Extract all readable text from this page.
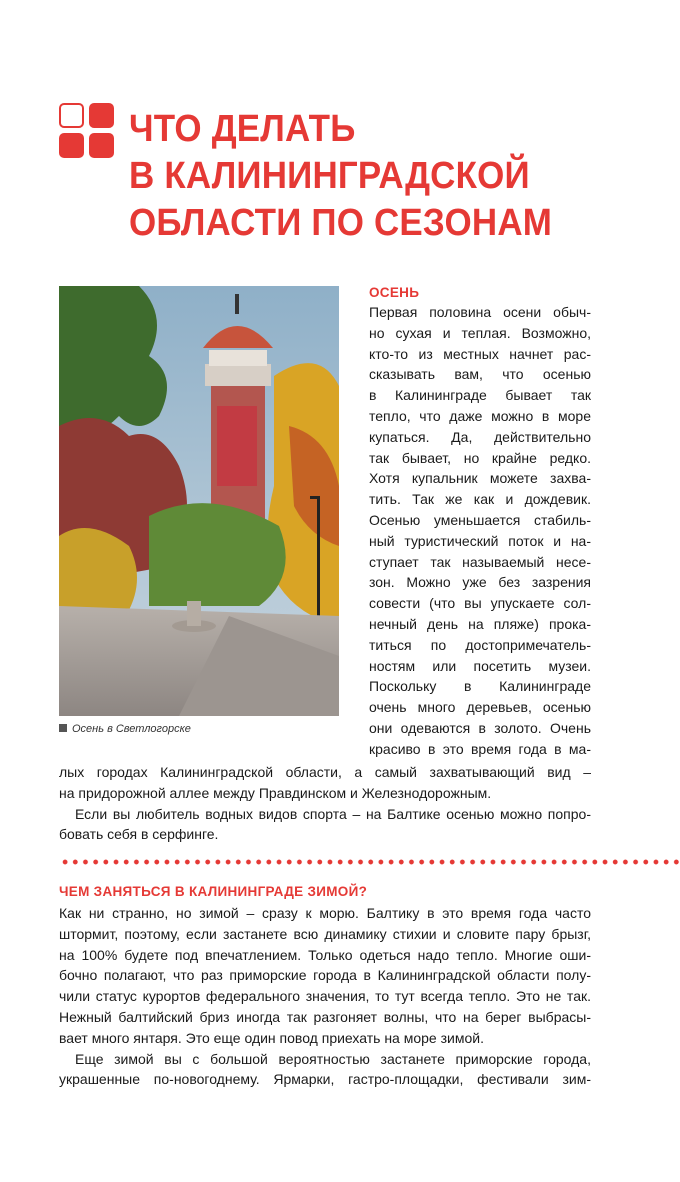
ЧТО ДЕЛАТЬ
В КАЛИНИНГРАДСКОЙ
ОБЛАСТИ ПО СЕЗОНАМ
Осень в Светлогорске
ОСЕНЬ
Первая половина осени обыч-
но сухая и теплая. Возможно,
кто-то из местных начнет рас-
сказывать вам, что осенью
в Калининграде бывает так
тепло, что даже можно в море
купаться. Да, действительно
так бывает, но крайне редко.
Хотя купальник можете захва-
тить. Так же как и дождевик.
Осенью уменьшается стабиль-
ный туристический поток и на-
ступает так называемый несе-
зон. Можно уже без зазрения
совести (что вы упускаете сол-
нечный день на пляже) прока-
титься по достопримечатель-
ностям или посетить музеи.
Поскольку в Калининграде
очень много деревьев, осенью
они одеваются в золото. Очень
красиво в это время года в ма-
лых городах Калининградской области, а самый захватывающий вид –
на придорожной аллее между Правдинском и Железнодорожным.
Если вы любитель водных видов спорта – на Балтике осенью можно попро-
бовать себя в серфинге.
ЧЕМ ЗАНЯТЬСЯ В КАЛИНИНГРАДЕ ЗИМОЙ?
Как ни странно, но зимой – сразу к морю. Балтику в это время года часто
штормит, поэтому, если застанете всю динамику стихии и словите пару брызг,
на 100% будете под впечатлением. Только одеться надо тепло. Многие оши-
бочно полагают, что раз приморские города в Калининградской области полу-
чили статус курортов федерального значения, то тут всегда тепло. Это не так.
Нежный балтийский бриз иногда так разгоняет волны, что на берег выбрасы-
вает много янтаря. Это еще один повод приехать на море зимой.
Еще зимой вы с большой вероятностью застанете приморские города,
украшенные по-новогоднему. Ярмарки, гастро-площадки, фестивали зим-
